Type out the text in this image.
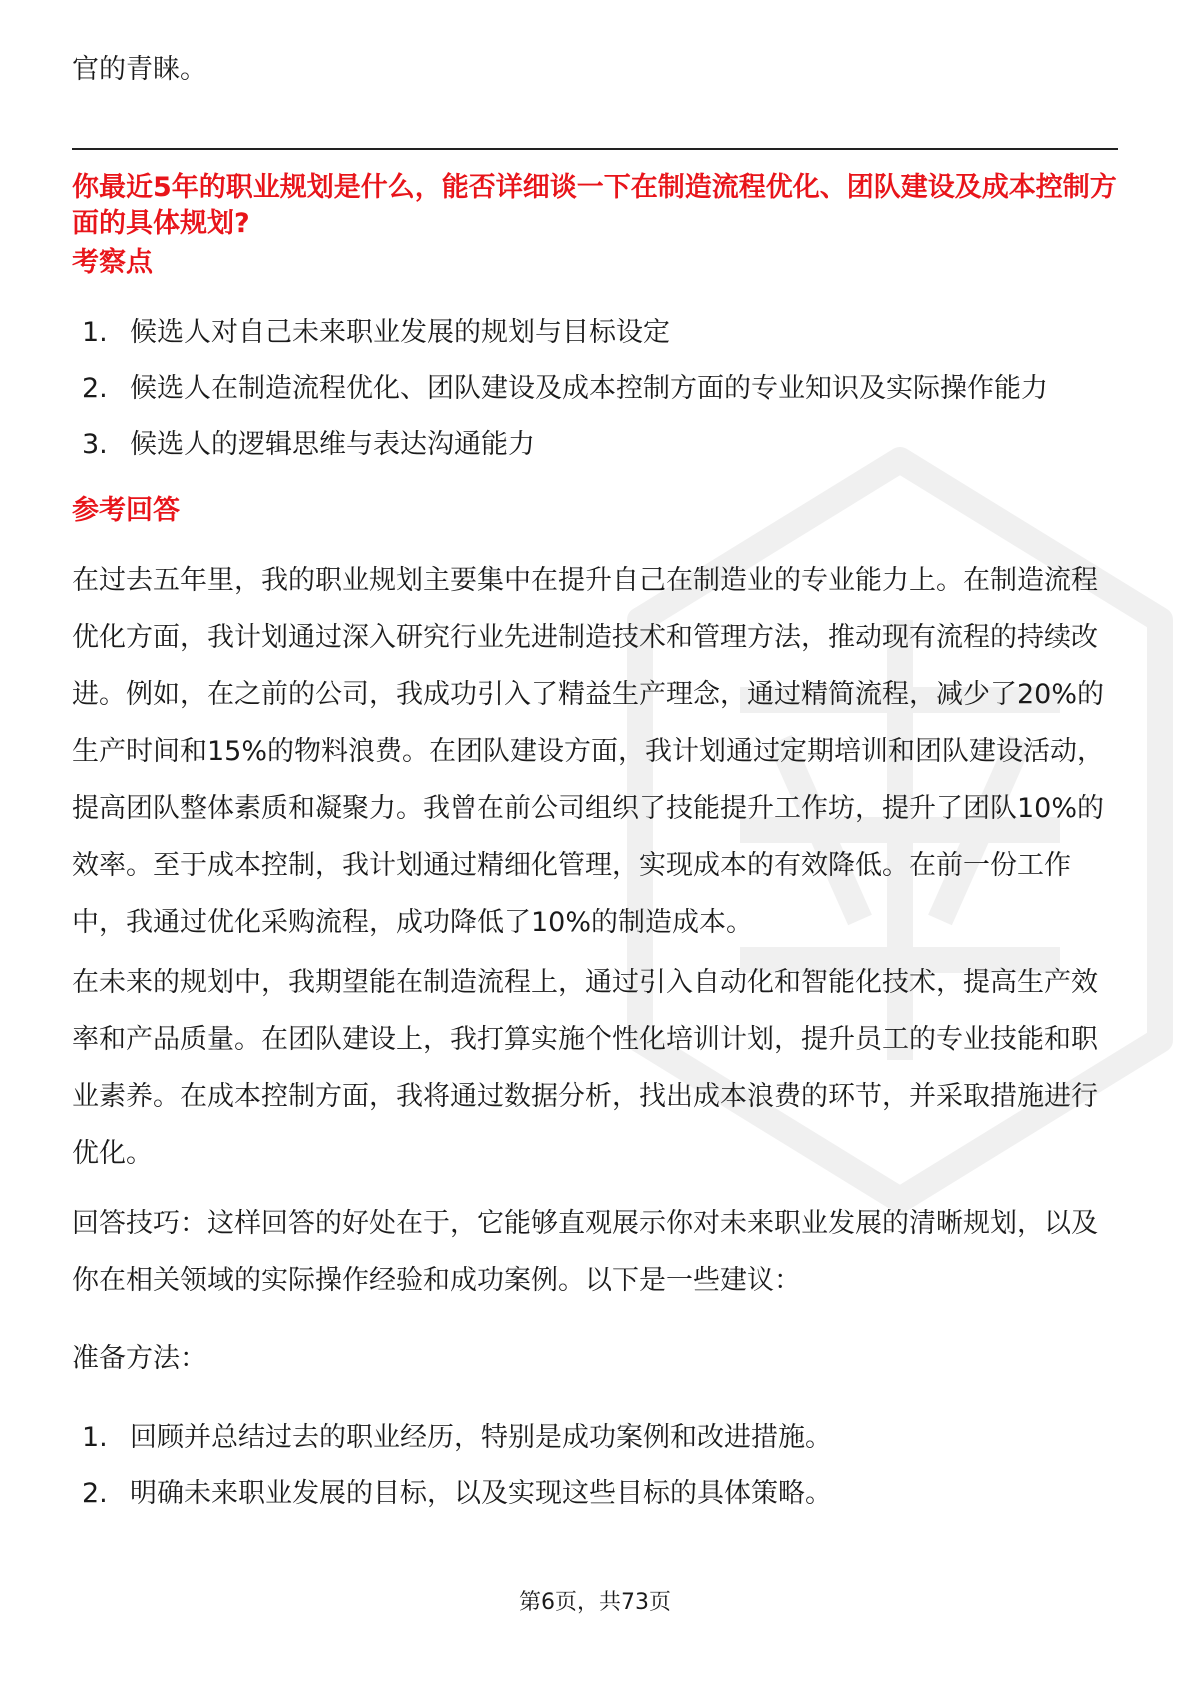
官的青睐。
你最近5年的职业规划是什么，能否详细谈一下在制造流程优化、团队建设及成本控制方面的具体规划?
考察点
1. 候选人对自己未来职业发展的规划与目标设定
2. 候选人在制造流程优化、团队建设及成本控制方面的专业知识及实际操作能力
3. 候选人的逻辑思维与表达沟通能力
参考回答

在过去五年里，我的职业规划主要集中在提升自己在制造业的专业能力上。在制造流程优化方面，我计划通过深入研究行业先进制造技术和管理方法，推动现有流程的持续改进。例如，在之前的公司，我成功引入了精益生产理念，通过精简流程，减少了20%的生产时间和15%的物料浪费。在团队建设方面，我计划通过定期培训和团队建设活动，提高团队整体素质和凝聚力。我曾在前公司组织了技能提升工作坊，提升了团队10%的效率。至于成本控制，我计划通过精细化管理，实现成本的有效降低。在前一份工作中，我通过优化采购流程，成功降低了10%的制造成本。

在未来的规划中，我期望能在制造流程上，通过引入自动化和智能化技术，提高生产效率和产品质量。在团队建设上，我打算实施个性化培训计划，提升员工的专业技能和职业素养。在成本控制方面，我将通过数据分析，找出成本浪费的环节，并采取措施进行优化。

回答技巧：这样回答的好处在于，它能够直观展示你对未来职业发展的清晰规划，以及你在相关领域的实际操作经验和成功案例。以下是一些建议：

准备方法：

1. 回顾并总结过去的职业经历，特别是成功案例和改进措施。
2. 明确未来职业发展的目标，以及实现这些目标的具体策略。
第6页，共73页
